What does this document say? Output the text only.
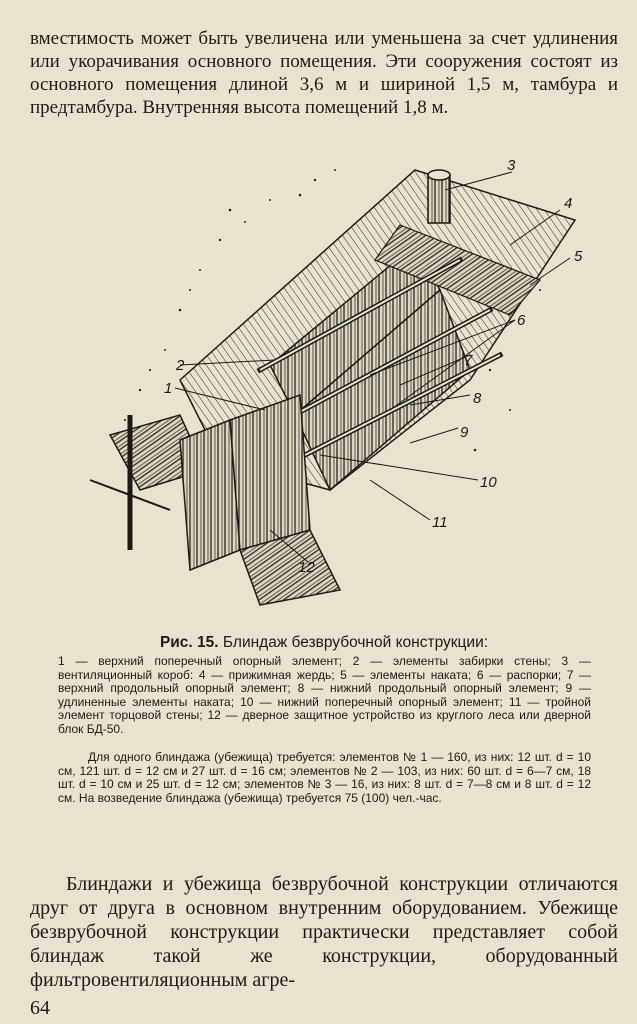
вместимость может быть увеличена или уменьшена за счет удлинения или укорачивания основного помещения. Эти сооружения состоят из основного помещения длиной 3,6 м и шириной 1,5 м, тамбура и предтамбура. Внутренняя высота помещений 1,8 м.

3
4
5
6
7
8
9
10
11
12
2
1
Рис. 15. Блиндаж безврубочной конструкции:

1 — верхний поперечный опорный элемент; 2 — элементы забирки стены; 3 — вентиляционный короб: 4 — прижимная жердь; 5 — элементы наката; 6 — распорки; 7 — верхний продольный опорный элемент; 8 — нижний продольный опорный элемент; 9 — удлиненные элементы наката; 10 — нижний поперечный опорный элемент; 11 — тройной элемент торцовой стены; 12 — дверное защитное устройство из круглого леса или дверной блок БД-50.

Для одного блиндажа (убежища) требуется: элементов № 1 — 160, из них: 12 шт. d = 10 см, 121 шт. d = 12 см и 27 шт. d = 16 см; элементов № 2 — 103, из них: 60 шт. d = 6—7 см, 18 шт. d = 10 см и 25 шт. d = 12 см; элементов № 3 — 16, из них: 8 шт. d = 7—8 см и 8 шт. d = 12 см. На возведение блиндажа (убежища) требуется 75 (100) чел.-час.

Блиндажи и убежища безврубочной конструкции отличаются друг от друга в основном внутренним оборудованием. Убежище безврубочной конструкции практически представляет собой блиндаж такой же конструкции, оборудованный фильтровентиляционным агре-

64
